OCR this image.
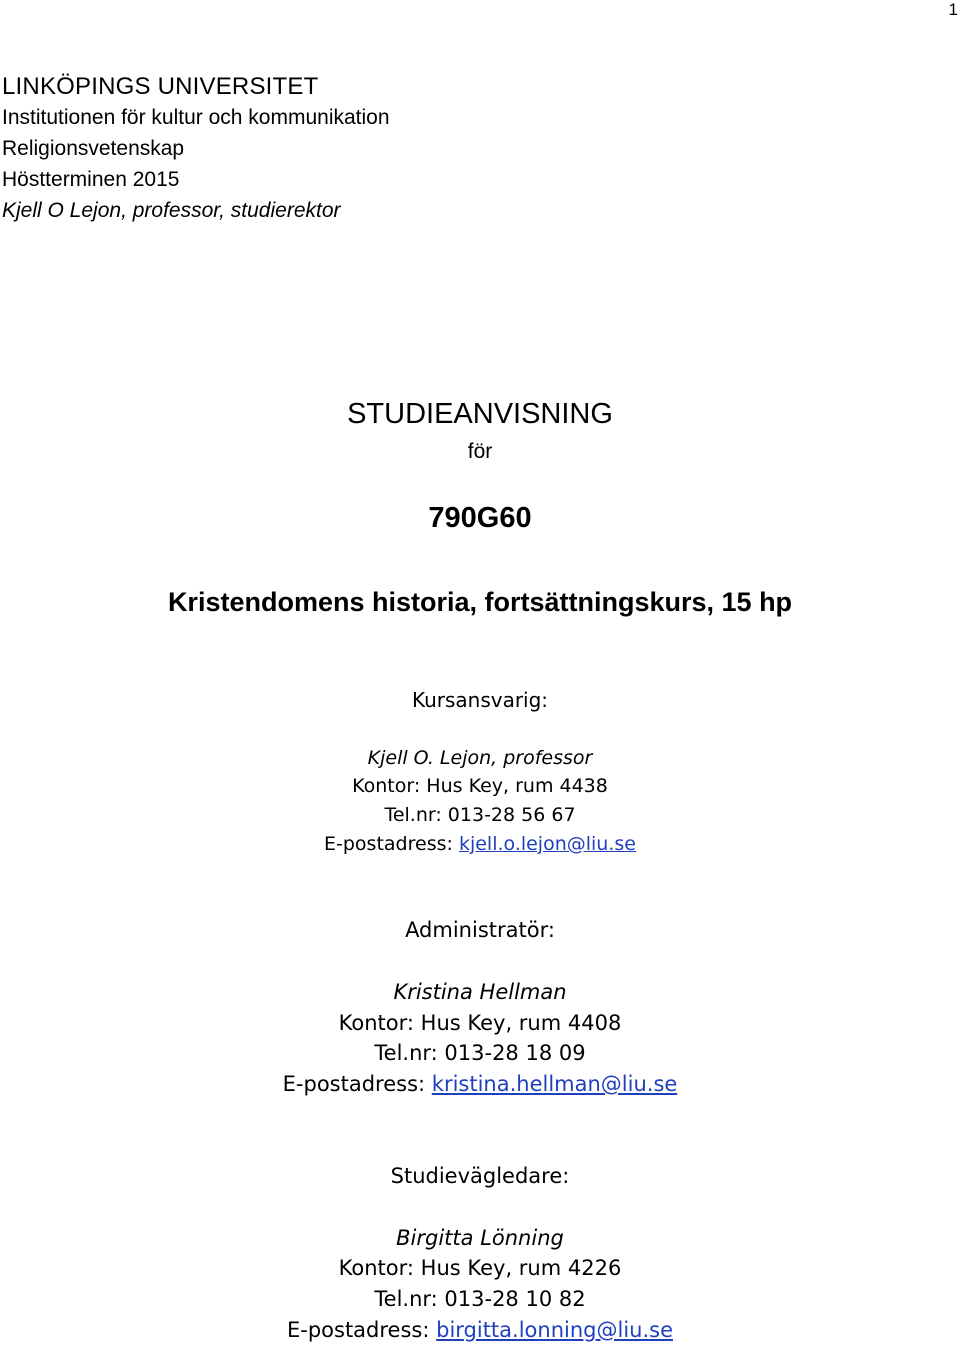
1
LINKÖPINGS UNIVERSITET
Institutionen för kultur och kommunikation
Religionsvetenskap
Höstterminen 2015
Kjell O Lejon, professor, studierektor
STUDIEANVISNING
för
790G60
Kristendomens historia, fortsättningskurs, 15 hp
Kursansvarig:
Kjell O. Lejon, professor
Kontor: Hus Key, rum 4438
Tel.nr: 013-28 56 67
E-postadress: kjell.o.lejon@liu.se
Administratör:
Kristina Hellman
Kontor: Hus Key, rum 4408
Tel.nr: 013-28 18 09
E-postadress: kristina.hellman@liu.se
Studievägledare:
Birgitta Lönning
Kontor: Hus Key, rum 4226
Tel.nr: 013-28 10 82
E-postadress: birgitta.lonning@liu.se
